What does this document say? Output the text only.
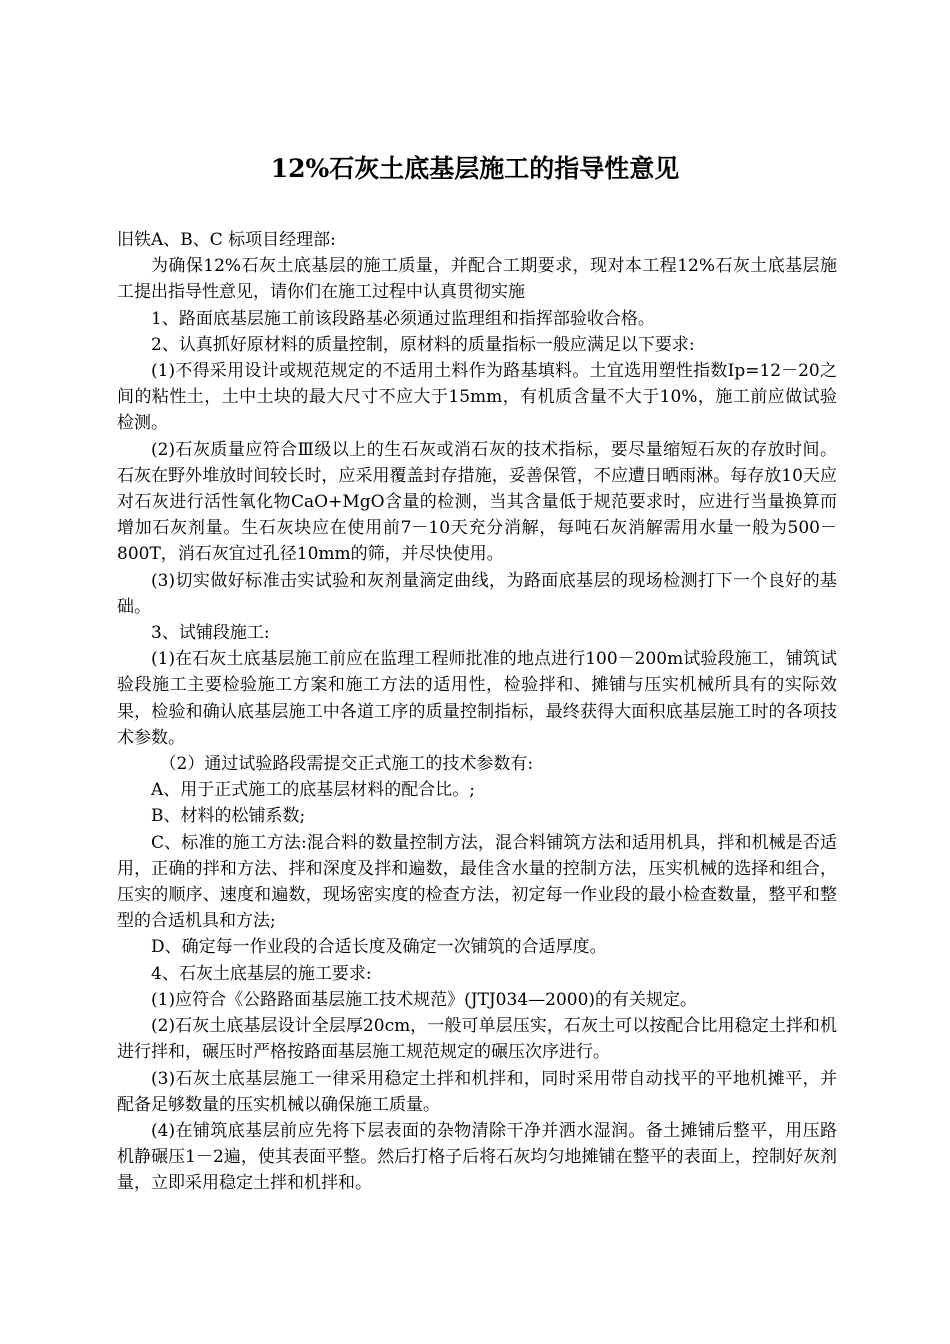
12%石灰土底基层施工的指导性意见

旧铁A、B、C 标项目经理部:

为确保12%石灰土底基层的施工质量，并配合工期要求，现对本工程12%石灰土底基层施工提出指导性意见，请你们在施工过程中认真贯彻实施

1、路面底基层施工前该段路基必须通过监理组和指挥部验收合格。

2、认真抓好原材料的质量控制，原材料的质量指标一般应满足以下要求:

(1)不得采用设计或规范规定的不适用土料作为路基填料。土宜选用塑性指数Ip=12－20之间的粘性土，土中土块的最大尺寸不应大于15mm，有机质含量不大于10%，施工前应做试验检测。

(2)石灰质量应符合Ⅲ级以上的生石灰或消石灰的技术指标，要尽量缩短石灰的存放时间。石灰在野外堆放时间较长时，应采用覆盖封存措施，妥善保管，不应遭日晒雨淋。每存放10天应对石灰进行活性氧化物CaO+MgO含量的检测，当其含量低于规范要求时，应进行当量换算而增加石灰剂量。生石灰块应在使用前7－10天充分消解，每吨石灰消解需用水量一般为500－800T，消石灰宜过孔径10mm的筛，并尽快使用。

(3)切实做好标准击实试验和灰剂量滴定曲线，为路面底基层的现场检测打下一个良好的基础。

3、试铺段施工:

(1)在石灰土底基层施工前应在监理工程师批准的地点进行100－200m试验段施工，铺筑试验段施工主要检验施工方案和施工方法的适用性，检验拌和、摊铺与压实机械所具有的实际效果，检验和确认底基层施工中各道工序的质量控制指标，最终获得大面积底基层施工时的各项技术参数。

（2）通过试验路段需提交正式施工的技术参数有:

A、用于正式施工的底基层材料的配合比。;

B、材料的松铺系数;

C、标准的施工方法:混合料的数量控制方法，混合料铺筑方法和适用机具，拌和机械是否适用，正确的拌和方法、拌和深度及拌和遍数，最佳含水量的控制方法，压实机械的选择和组合，压实的顺序、速度和遍数，现场密实度的检查方法，初定每一作业段的最小检查数量，整平和整型的合适机具和方法;

D、确定每一作业段的合适长度及确定一次铺筑的合适厚度。

4、石灰土底基层的施工要求:

(1)应符合《公路路面基层施工技术规范》(JTJ034—2000)的有关规定。

(2)石灰土底基层设计全层厚20cm，一般可单层压实，石灰土可以按配合比用稳定土拌和机进行拌和，碾压时严格按路面基层施工规范规定的碾压次序进行。

(3)石灰土底基层施工一律采用稳定土拌和机拌和，同时采用带自动找平的平地机摊平，并配备足够数量的压实机械以确保施工质量。

(4)在铺筑底基层前应先将下层表面的杂物清除干净并洒水湿润。备土摊铺后整平，用压路机静碾压1－2遍，使其表面平整。然后打格子后将石灰均匀地摊铺在整平的表面上，控制好灰剂量，立即采用稳定土拌和机拌和。
